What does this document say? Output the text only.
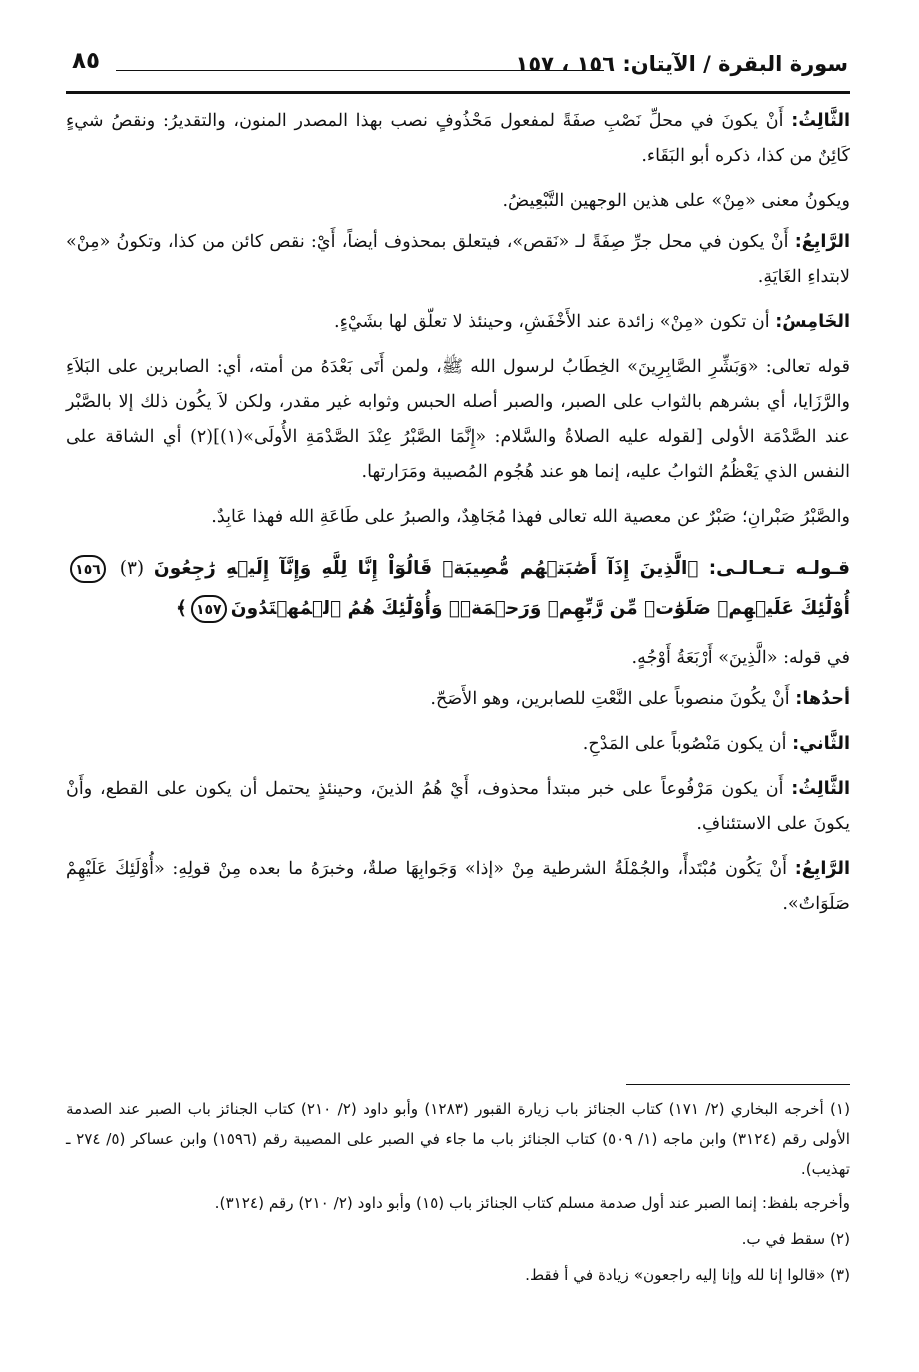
سورة البقرة / الآيتان: ١٥٦ ، ١٥٧
٨٥

الثَّالِثُ: أَنْ يكونَ في محلِّ نَصْبِ صفَةً لمفعول مَحْذُوفٍ نصب بهذا المصدر المنون، والتقديرُ: ونقصُ شيءٍ كَائِنٌ من كذا، ذكره أبو البَقَاء.

ويكونُ معنى «مِنْ» على هذين الوجهين التَّبْعِيضُ.

الرَّابِعُ: أَنْ يكون في محل جرِّ صِفَةً لـ «نَقص»، فيتعلق بمحذوف أيضاً، أَيْ: نقص كائن من كذا، وتكونُ «مِنْ» لابتداءِ الغَايَةِ.

الخَامِسُ: أن تكون «مِنْ» زائدة عند الأَخْفَشِ، وحينئذ لا تعلّق لها بشَيْءٍ.

قوله تعالى: «وَبَشِّرِ الصَّابِرِينَ» الخِطَابُ لرسول الله ﷺ، ولمن أَتَى بَعْدَهُ من أمته، أي: الصابرين على البَلاَءِ والرَّزَايا، أي بشرهم بالثواب على الصبر، والصبر أصله الحبس وثوابه غير مقدر، ولكن لاَ يكُون ذلك إلا بالصَّبْر عند الصَّدْمَة الأولى [لقوله عليه الصلاةُ والسَّلام: «إِنَّمَا الصَّبْرُ عِنْدَ الصَّدْمَةِ الأُولَى»(١)](٢) أي الشاقة على النفس الذي يَعْظُمُ الثوابُ عليه، إنما هو عند هُجُوم المُصيبة ومَرَارتها.

والصَّبْرُ صَبْرانِ؛ صَبْرٌ عن معصية الله تعالى فهذا مُجَاهِدٌ، والصبرُ على طَاعَةِ الله فهذا عَابِدٌ.

قـولـه تـعـالـى: ﴿الَّذِينَ إِذَآ أَصَٰبَتۡهُم مُّصِيبَةٞ قَالُوٓاْ إِنَّا لِلَّهِ وَإِنَّآ إِلَيۡهِ رَٰجِعُونَ (٣) ١٥٦ أُوْلَٰٓئِكَ عَلَيۡهِمۡ صَلَوَٰتٞ مِّن رَّبِّهِمۡ وَرَحۡمَةٞۖ وَأُوْلَٰٓئِكَ هُمُ ٱلۡمُهۡتَدُونَ١٥٧﴾

في قوله: «الَّذِينَ» أَرْبَعَةُ أَوْجُهٍ.

أحدُها: أَنْ يكُونَ منصوباً على النَّعْتِ للصابرين، وهو الأَصَحّ.

الثَّاني: أن يكون مَنْصُوباً على المَدْحِ.

الثَّالِثُ: أَن يكون مَرْفُوعاً على خبر مبتدأ محذوف، أَيْ هُمُ الذينَ، وحينئذٍ يحتمل أن يكون على القطع، وأَنْ يكونَ على الاستئنافِ.

الرَّابِعُ: أَنْ يَكُون مُبْتَدأً، والجُمْلَةُ الشرطية مِنْ «إذا» وَجَوابِهَا صلةٌ، وخبرَهُ ما بعده مِنْ قولِهِ: «أُوْلَئِكَ عَلَيْهِمْ صَلَوَاتٌ».

(١) أخرجه البخاري (٢/ ١٧١) كتاب الجنائز باب زيارة القبور (١٢٨٣) وأبو داود (٢/ ٢١٠) كتاب الجنائز باب الصبر عند الصدمة الأولى رقم (٣١٢٤) وابن ماجه (١/ ٥٠٩) كتاب الجنائز باب ما جاء في الصبر على المصيبة رقم (١٥٩٦) وابن عساكر (٥/ ٢٧٤ ـ تهذيب).

وأخرجه بلفظ: إنما الصبر عند أول صدمة مسلم كتاب الجنائز باب (١٥) وأبو داود (٢/ ٢١٠) رقم (٣١٢٤).

(٢) سقط في ب.

(٣) «قالوا إنا لله وإنا إليه راجعون» زيادة في أ فقط.
